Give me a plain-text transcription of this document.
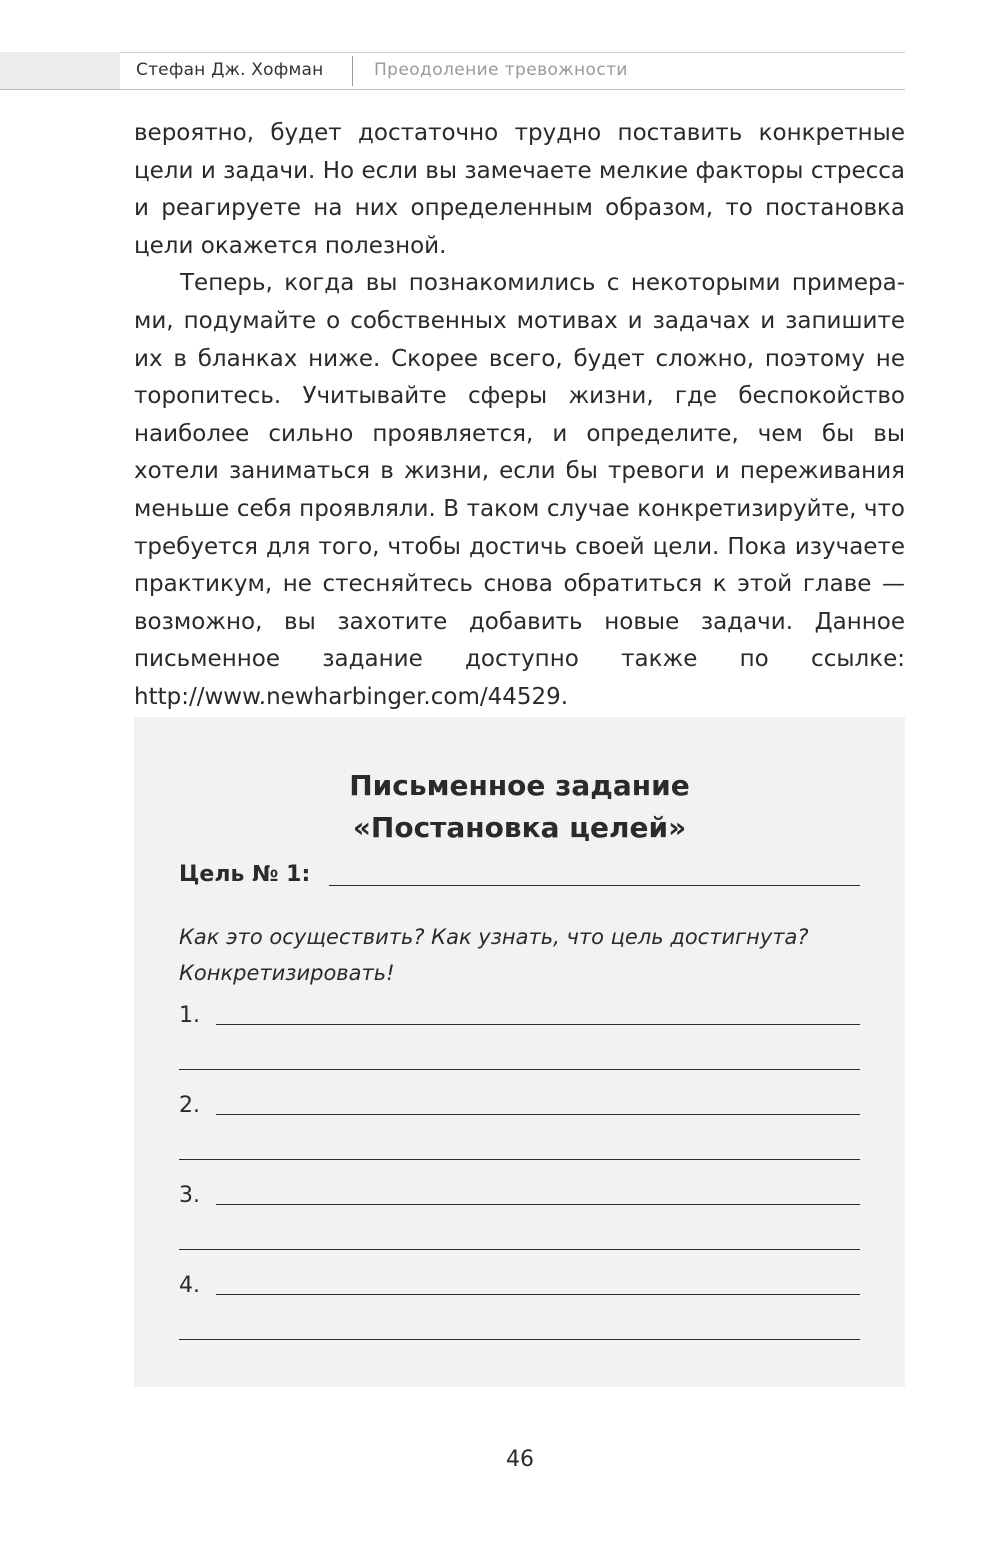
Стефан Дж. Хофман	Преодоление тревожности

вероятно, будет достаточно трудно поставить конкретные цели и задачи. Но если вы замечаете мелкие факторы стресса и реагируете на них определенным образом, то постановка цели окажется полезной.

Теперь, когда вы познакомились с некоторыми примерами, подумайте о собственных мотивах и задачах и запишите их в бланках ниже. Скорее всего, будет сложно, поэтому не торопитесь. Учитывайте сферы жизни, где беспокойство наиболее сильно проявляется, и определите, чем бы вы хотели заниматься в жизни, если бы тревоги и переживания меньше себя проявляли. В таком случае конкретизируйте, что требуется для того, чтобы достичь своей цели. Пока изучаете практикум, не стесняйтесь снова обратиться к этой главе — возможно, вы захотите добавить новые задачи. Данное письменное задание доступно также по ссылке: http://www.newharbinger.com/44529.

Письменное задание
«Постановка целей»
Цель № 1:
Как это осуществить? Как узнать, что цель достигнута? Конкретизировать!
1.
2.
3.
4.
46
